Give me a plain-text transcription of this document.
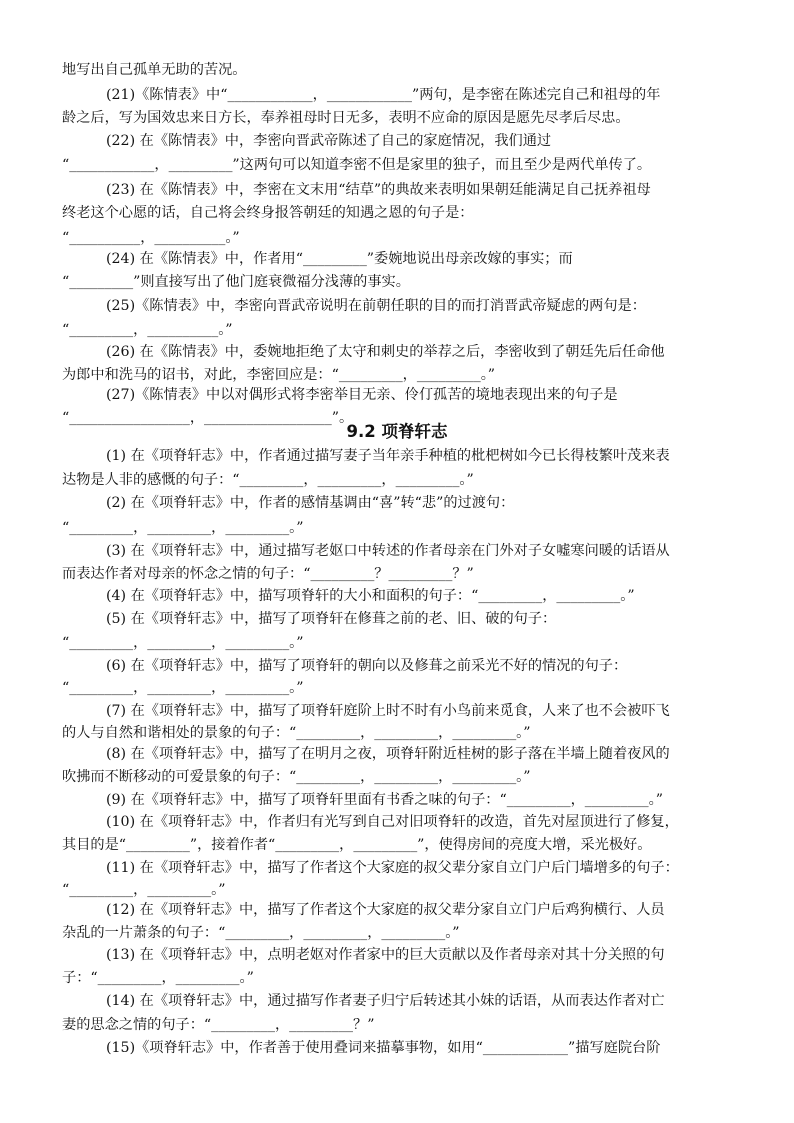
地写出自己孤单无助的苦况。
(21)《陈情表》中“____________，____________”两句，是李密在陈述完自己和祖母的年
龄之后，写为国效忠来日方长，奉养祖母时日无多，表明不应命的原因是愿先尽孝后尽忠。
(22) 在《陈情表》中，李密向晋武帝陈述了自己的家庭情况，我们通过
“____________，_________”这两句可以知道李密不但是家里的独子，而且至少是两代单传了。
(23) 在《陈情表》中，李密在文末用“结草”的典故来表明如果朝廷能满足自己抚养祖母
终老这个心愿的话，自己将会终身报答朝廷的知遇之恩的句子是：
“__________，__________。”
(24) 在《陈情表》中，作者用“_________”委婉地说出母亲改嫁的事实；而
“_________”则直接写出了他门庭衰微福分浅薄的事实。
(25)《陈情表》中，李密向晋武帝说明在前朝任职的目的而打消晋武帝疑虑的两句是：
“_________，__________。”
(26) 在《陈情表》中，委婉地拒绝了太守和刺史的举荐之后，李密收到了朝廷先后任命他
为郎中和洗马的诏书，对此，李密回应是：“_________，_________。”
(27)《陈情表》中以对偶形式将李密举目无亲、伶仃孤苦的境地表现出来的句子是
“_________________，__________________”。
9.2 项脊轩志
(1) 在《项脊轩志》中，作者通过描写妻子当年亲手种植的枇杷树如今已长得枝繁叶茂来表
达物是人非的感慨的句子：“_________，_________，_________。”
(2) 在《项脊轩志》中，作者的感情基调由“喜”转“悲”的过渡句：
“_________，_________，_________。”
(3) 在《项脊轩志》中，通过描写老妪口中转述的作者母亲在门外对子女嘘寒问暖的话语从
而表达作者对母亲的怀念之情的句子：“_________？_________？”
(4) 在《项脊轩志》中，描写项脊轩的大小和面积的句子：“_________，_________。”
(5) 在《项脊轩志》中，描写了项脊轩在修葺之前的老、旧、破的句子：
“_________，_________，_________。”
(6) 在《项脊轩志》中，描写了项脊轩的朝向以及修葺之前采光不好的情况的句子：
“_________，_________，_________。”
(7) 在《项脊轩志》中，描写了项脊轩庭阶上时不时有小鸟前来觅食，人来了也不会被吓飞
的人与自然和谐相处的景象的句子：“_________，_________，_________。”
(8) 在《项脊轩志》中，描写了在明月之夜，项脊轩附近桂树的影子落在半墙上随着夜风的
吹拂而不断移动的可爱景象的句子：“_________，_________，_________。”
(9) 在《项脊轩志》中，描写了项脊轩里面有书香之味的句子：“_________，_________。”
(10) 在《项脊轩志》中，作者归有光写到自己对旧项脊轩的改造，首先对屋顶进行了修复，
其目的是“_________”，接着作者“_________，_________”，使得房间的亮度大增，采光极好。
(11) 在《项脊轩志》中，描写了作者这个大家庭的叔父辈分家自立门户后门墙增多的句子：
“_________，_________。”
(12) 在《项脊轩志》中，描写了作者这个大家庭的叔父辈分家自立门户后鸡狗横行、人员
杂乱的一片萧条的句子：“_________，_________，_________。”
(13) 在《项脊轩志》中，点明老妪对作者家中的巨大贡献以及作者母亲对其十分关照的句
子：“_________，_________。”
(14) 在《项脊轩志》中，通过描写作者妻子归宁后转述其小妹的话语，从而表达作者对亡
妻的思念之情的句子：“_________，_________？”
(15)《项脊轩志》中，作者善于使用叠词来描摹事物，如用“____________”描写庭院台阶
